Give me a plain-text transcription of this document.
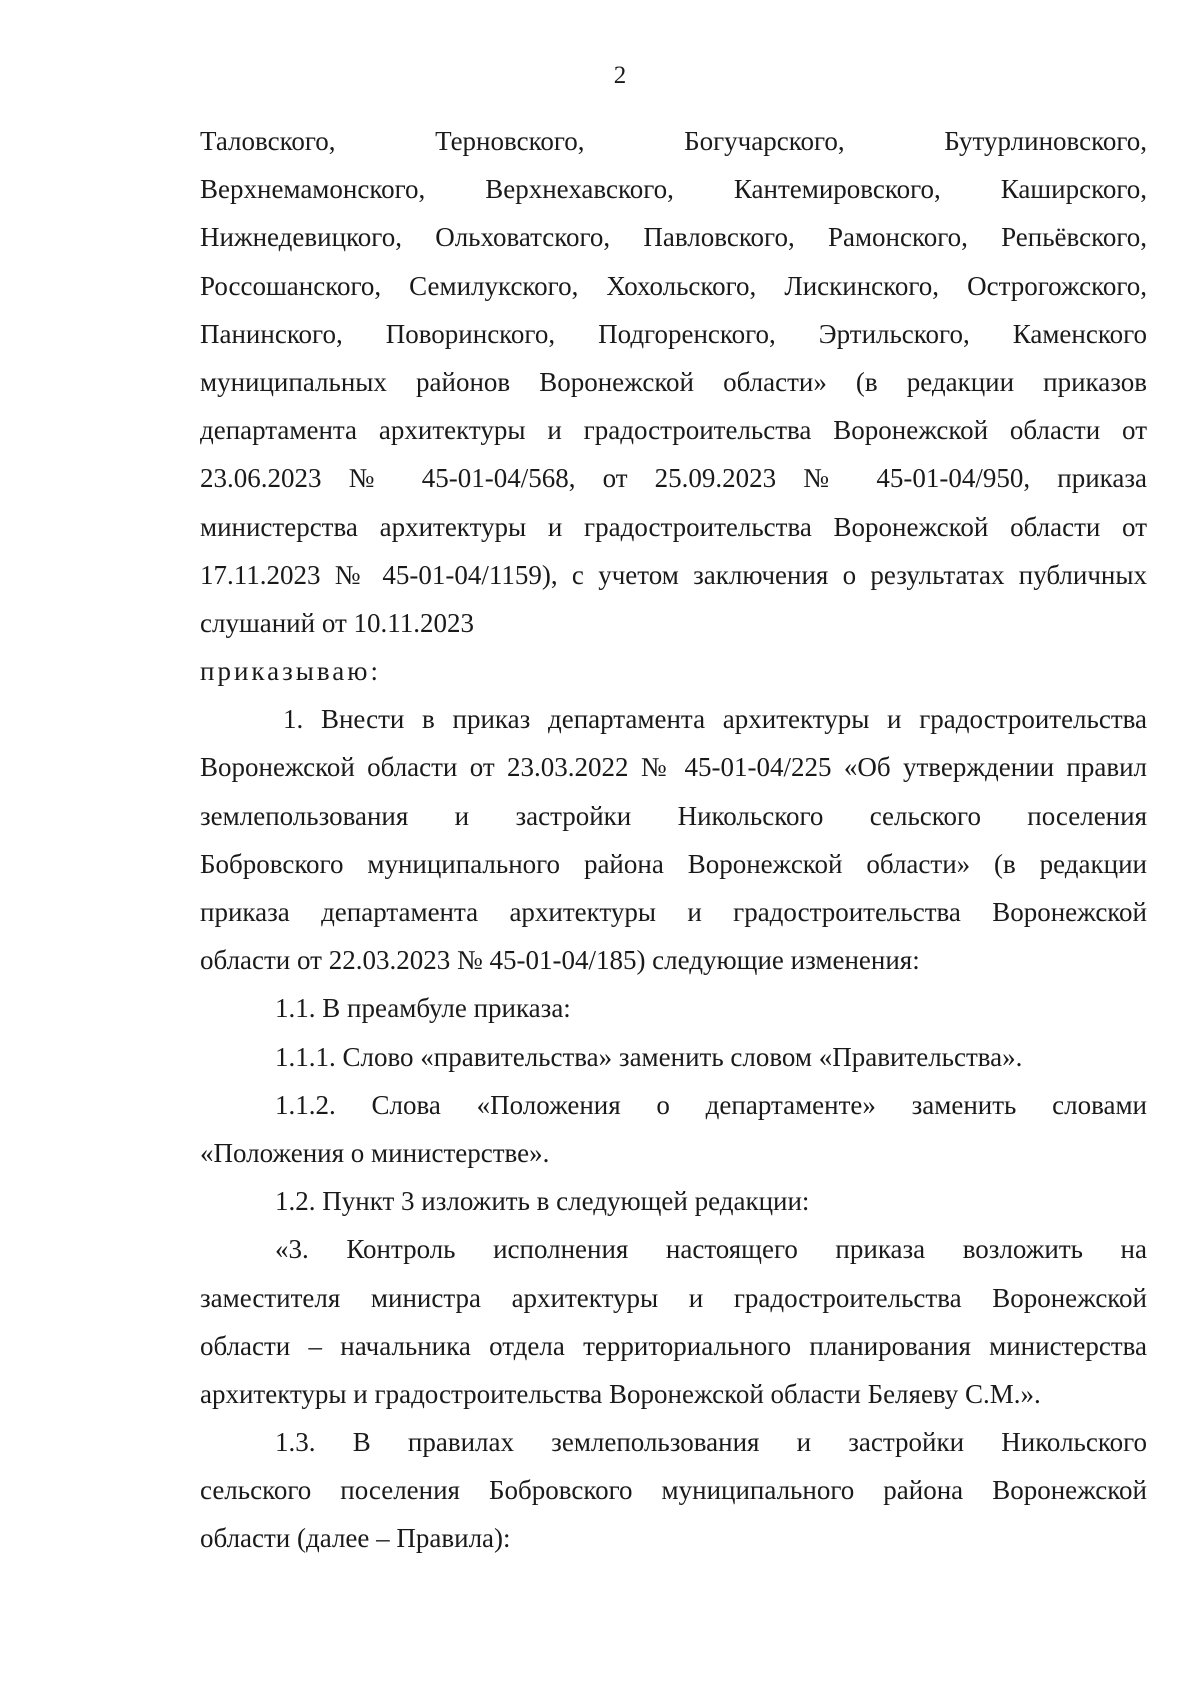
2
Таловского, Терновского, Богучарского, Бутурлиновского,
Верхнемамонского, Верхнехавского, Кантемировского, Каширского,
Нижнедевицкого, Ольховатского, Павловского, Рамонского, Репьёвского,
Россошанского, Семилукского, Хохольского, Лискинского, Острогожского,
Панинского, Поворинского, Подгоренского, Эртильского, Каменского
муниципальных районов Воронежской области» (в редакции приказов
департамента архитектуры и градостроительства Воронежской области от
23.06.2023 № 45-01-04/568, от 25.09.2023 № 45-01-04/950, приказа
министерства архитектуры и градостроительства Воронежской области от
17.11.2023 № 45-01-04/1159), с учетом заключения о результатах публичных
слушаний от 10.11.2023
приказываю:
1. Внести в приказ департамента архитектуры и градостроительства
Воронежской области от 23.03.2022 № 45-01-04/225 «Об утверждении правил
землепользования и застройки Никольского сельского поселения
Бобровского муниципального района Воронежской области» (в редакции
приказа департамента архитектуры и градостроительства Воронежской
области от 22.03.2023 № 45-01-04/185) следующие изменения:
1.1. В преамбуле приказа:
1.1.1. Слово «правительства» заменить словом «Правительства».
1.1.2. Слова «Положения о департаменте» заменить словами
«Положения о министерстве».
1.2. Пункт 3 изложить в следующей редакции:
«3. Контроль исполнения настоящего приказа возложить на
заместителя министра архитектуры и градостроительства Воронежской
области – начальника отдела территориального планирования министерства
архитектуры и градостроительства Воронежской области Беляеву С.М.».
1.3. В правилах землепользования и застройки Никольского
сельского поселения Бобровского муниципального района Воронежской
области (далее – Правила):
